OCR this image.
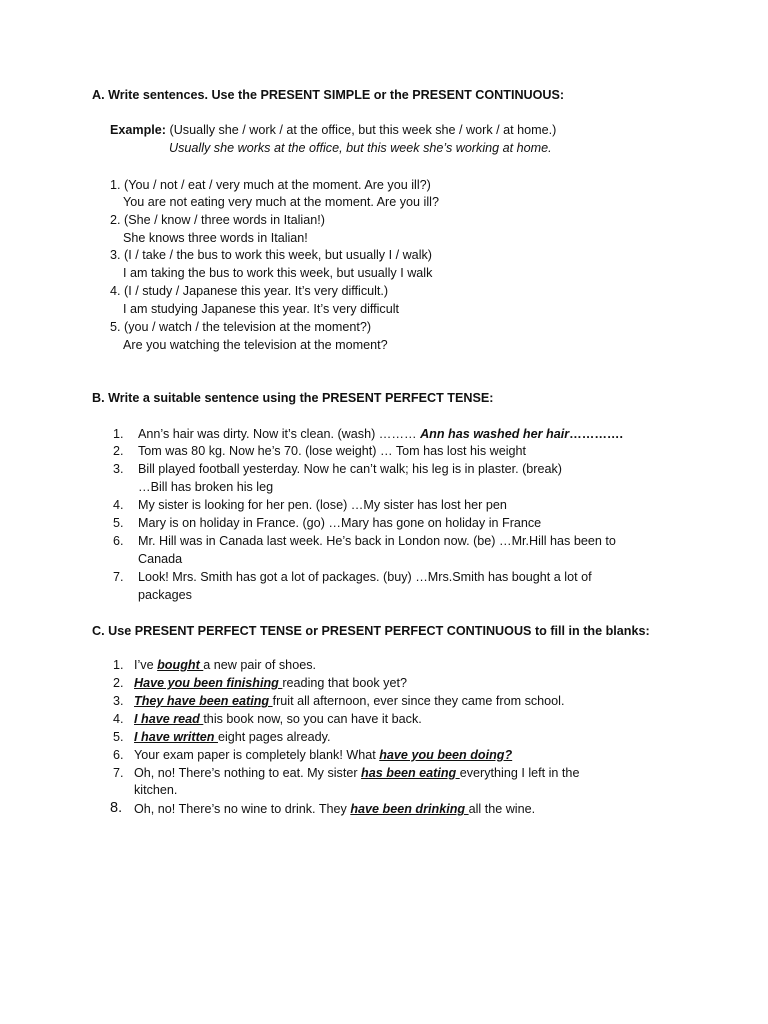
A. Write sentences. Use the PRESENT SIMPLE or the PRESENT CONTINUOUS:
Example: (Usually she / work / at the office, but this week she / work / at home.)
Usually she works at the office, but this week she’s working at home.
1. (You / not / eat / very much at the moment. Are you ill?)
You are not eating very much at the moment. Are you ill?
2. (She / know / three words in Italian!)
She knows three words in Italian!
3. (I / take / the bus to work this week, but usually I / walk)
I am taking the bus to work this week, but usually I walk
4. (I / study / Japanese this year. It’s very difficult.)
I am studying Japanese this year. It’s very difficult
5. (you / watch / the television at the moment?)
Are you watching the television at the moment?
B. Write a suitable sentence using the PRESENT PERFECT TENSE:
1. Ann’s hair was dirty. Now it’s clean. (wash) ……… Ann has washed her hair………….
2. Tom was 80 kg. Now he’s 70. (lose weight) … Tom has lost his weight
3. Bill played football yesterday. Now he can’t walk; his leg is in plaster. (break)
…Bill has broken his leg
4. My sister is looking for her pen. (lose) …My sister has lost her pen
5. Mary is on holiday in France. (go) …Mary has gone on holiday in France
6. Mr. Hill was in Canada last week. He’s back in London now. (be) …Mr.Hill has been to
Canada
7. Look! Mrs. Smith has got a lot of packages. (buy) …Mrs.Smith has bought a lot of
packages
C. Use PRESENT PERFECT TENSE or PRESENT PERFECT CONTINUOUS to fill in the blanks:
1. I’ve bought a new pair of shoes.
2. Have you been finishing reading that book yet?
3. They have been eating fruit all afternoon, ever since they came from school.
4. I have read this book now, so you can have it back.
5. I have written eight pages already.
6. Your exam paper is completely blank! What have you been doing?
7. Oh, no! There’s nothing to eat. My sister has been eating everything I left in the
kitchen.
8. Oh, no! There’s no wine to drink. They have been drinking all the wine.
